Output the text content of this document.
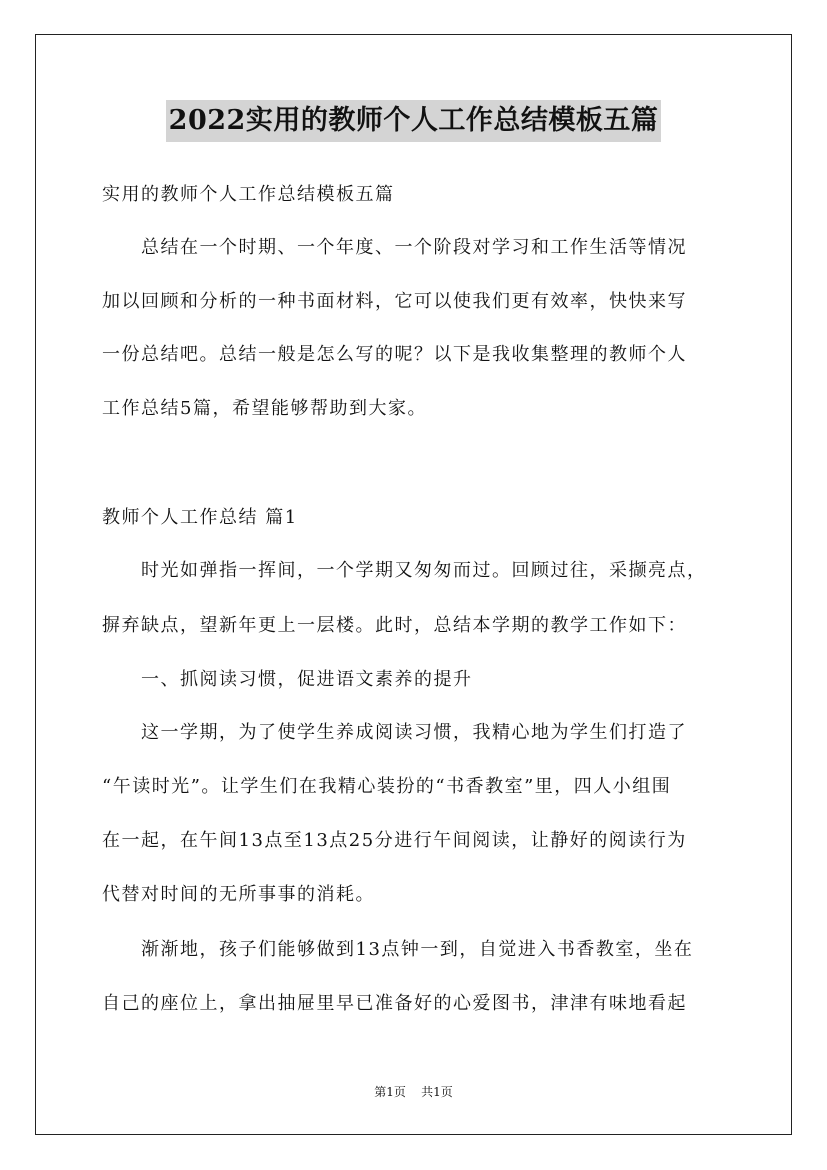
2022实用的教师个人工作总结模板五篇
实用的教师个人工作总结模板五篇
总结在一个时期、一个年度、一个阶段对学习和工作生活等情况
加以回顾和分析的一种书面材料，它可以使我们更有效率，快快来写
一份总结吧。总结一般是怎么写的呢？以下是我收集整理的教师个人
工作总结5篇，希望能够帮助到大家。
教师个人工作总结 篇1
时光如弹指一挥间，一个学期又匆匆而过。回顾过往，采撷亮点，
摒弃缺点，望新年更上一层楼。此时，总结本学期的教学工作如下：
一、抓阅读习惯，促进语文素养的提升
这一学期，为了使学生养成阅读习惯，我精心地为学生们打造了
“午读时光”。让学生们在我精心装扮的“书香教室”里，四人小组围
在一起，在午间13点至13点25分进行午间阅读，让静好的阅读行为
代替对时间的无所事事的消耗。
渐渐地，孩子们能够做到13点钟一到，自觉进入书香教室，坐在
自己的座位上，拿出抽屉里早已准备好的心爱图书，津津有味地看起
第1页 共1页
